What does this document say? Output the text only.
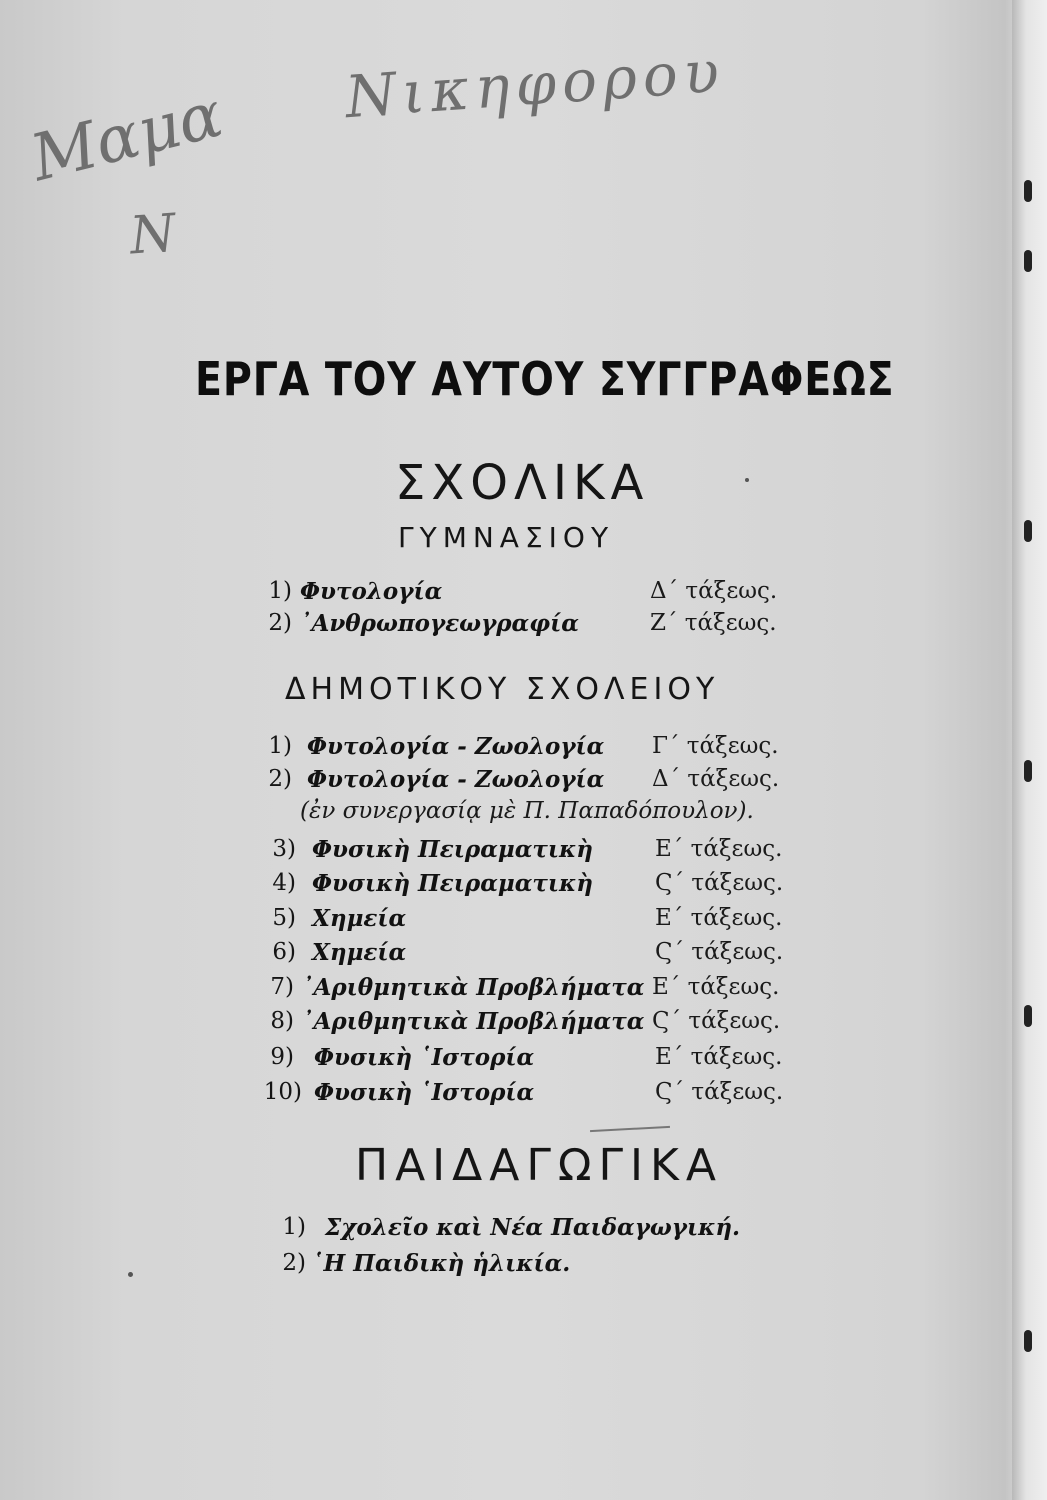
Μαμα Νικηφορου
Ν
ΕΡΓΑ ΤΟΥ ΑΥΤΟΥ ΣΥΓΓΡΑΦΕΩΣ
ΣΧΟΛΙΚΑ
ΓΥΜΝΑΣΙΟΥ
1) Φυτολογία	Δ΄ τάξεως.
2) ᾿Ανθρωπογεωγραφία	Ζ΄ τάξεως.
ΔΗΜΟΤΙΚΟΥ ΣΧΟΛΕΙΟΥ
1) Φυτολογία - Ζωολογία Γ΄ τάξεως.
2) Φυτολογία - Ζωολογία Δ΄ τάξεως.
(ἐν συνεργασίᾳ μὲ Π. Παπαδόπουλον).
3) Φυσικὴ Πειραματικὴ	Ε΄ τάξεως.
4) Φυσικὴ Πειραματικὴ	Ϛ΄ τάξεως.
5) Χημεία	Ε΄ τάξεως.
6) Χημεία	Ϛ΄ τάξεως.
7) ᾿Αριθμητικὰ Προβλήματα Ε΄ τάξεως.
8) ᾿Αριθμητικὰ Προβλήματα Ϛ΄ τάξεως.
9) Φυσικὴ ῾Ιστορία	Ε΄ τάξεως.
10) Φυσικὴ ῾Ιστορία	Ϛ΄ τάξεως.
ΠΑΙΔΑΓΩΓΙΚΑ
1) Σχολεῖο καὶ Νέα Παιδαγωγική.
2) ῾Η Παιδικὴ ἡλικία.
